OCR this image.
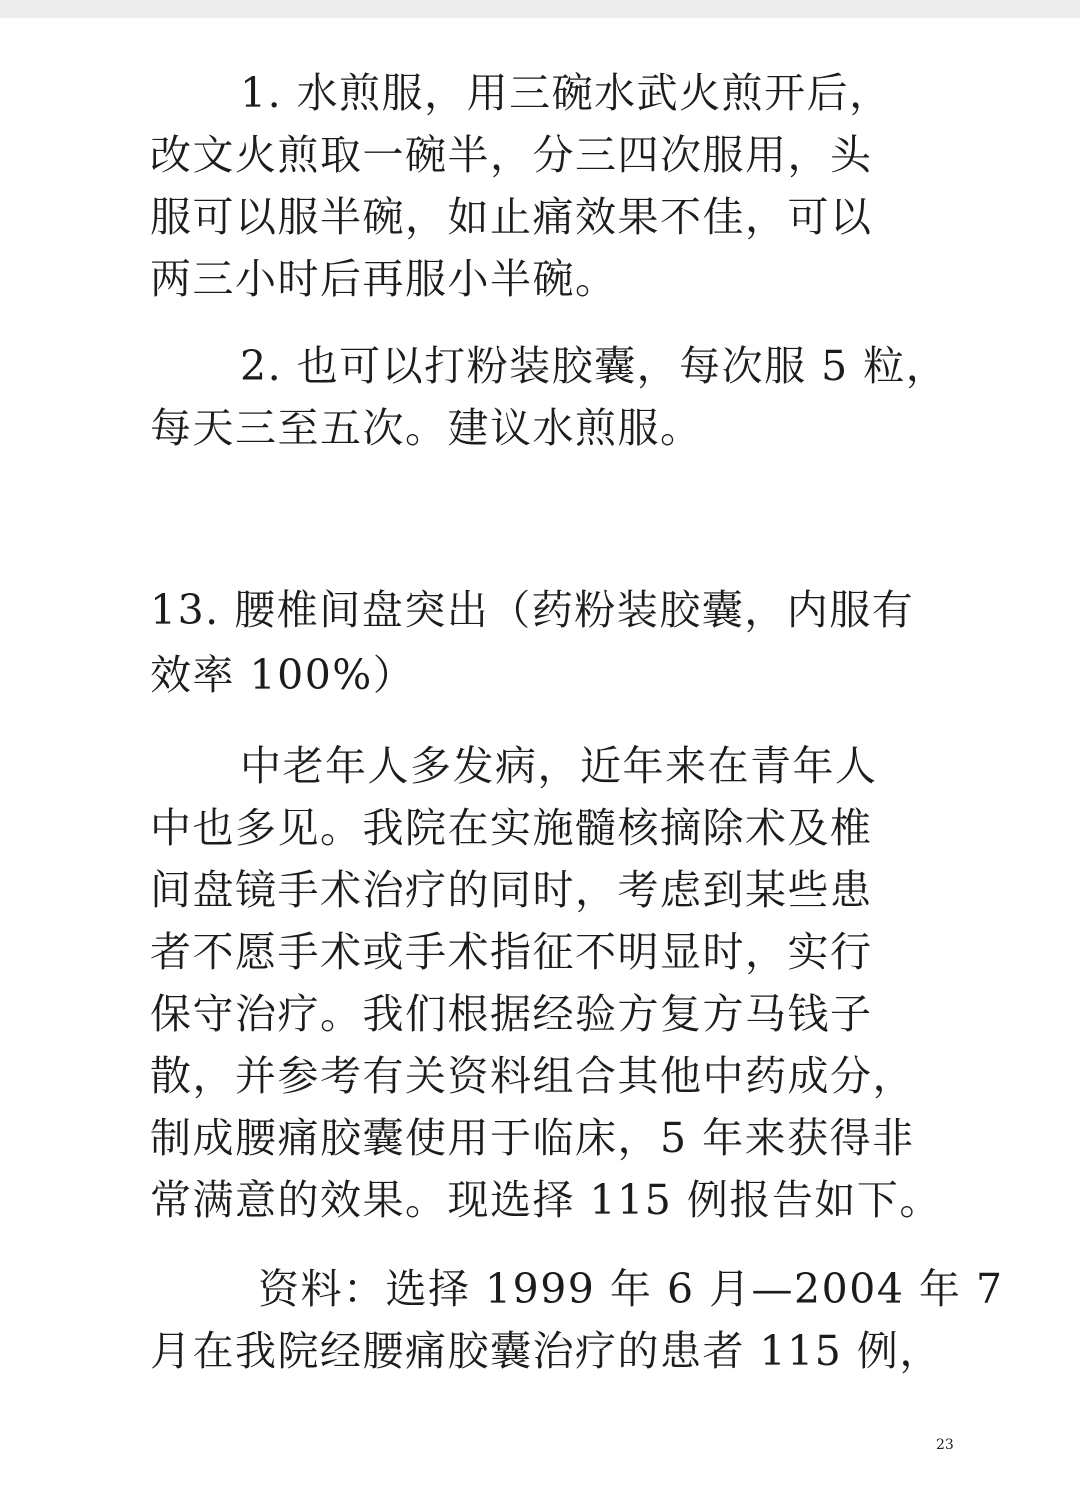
1. 水煎服，用三碗水武火煎开后，
改文火煎取一碗半，分三四次服用，头
服可以服半碗，如止痛效果不佳，可以
两三小时后再服小半碗。
2. 也可以打粉装胶囊，每次服 5 粒，
每天三至五次。建议水煎服。
13. 腰椎间盘突出（药粉装胶囊，内服有
效率 100%）
中老年人多发病，近年来在青年人
中也多见。我院在实施髓核摘除术及椎
间盘镜手术治疗的同时，考虑到某些患
者不愿手术或手术指征不明显时，实行
保守治疗。我们根据经验方复方马钱子
散，并参考有关资料组合其他中药成分，
制成腰痛胶囊使用于临床，5 年来获得非
常满意的效果。现选择 115 例报告如下。
资料：选择 1999 年 6 月—2004 年 7
月在我院经腰痛胶囊治疗的患者 115 例，
23
